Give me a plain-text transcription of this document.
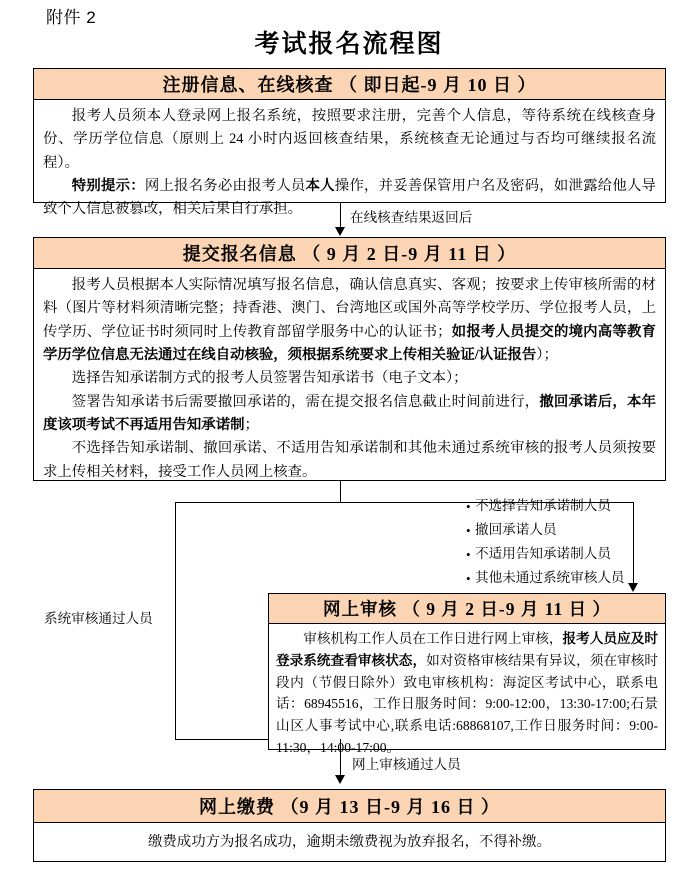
附件 2
考试报名流程图
注册信息、在线核查 （ 即日起-9 月 10 日 ）

报考人员须本人登录网上报名系统，按照要求注册，完善个人信息，等待系统在线核查身份、学历学位信息（原则上 24 小时内返回核查结果，系统核查无论通过与否均可继续报名流程）。

特别提示：网上报名务必由报考人员本人操作，并妥善保管用户名及密码，如泄露给他人导致个人信息被篡改，相关后果自行承担。

在线核查结果返回后
提交报名信息 （ 9 月 2 日-9 月 11 日 ）

报考人员根据本人实际情况填写报名信息，确认信息真实、客观；按要求上传审核所需的材料（图片等材料须清晰完整；持香港、澳门、台湾地区或国外高等学校学历、学位报考人员，上传学历、学位证书时须同时上传教育部留学服务中心的认证书；如报考人员提交的境内高等教育学历学位信息无法通过在线自动核验，须根据系统要求上传相关验证/认证报告）；

选择告知承诺制方式的报考人员签署告知承诺书（电子文本）；

签署告知承诺书后需要撤回承诺的，需在提交报名信息截止时间前进行，撤回承诺后，本年度该项考试不再适用告知承诺制；

不选择告知承诺制、撤回承诺、不适用告知承诺制和其他未通过系统审核的报考人员须按要求上传相关材料，接受工作人员网上核查。

• 不选择告知承诺制人员
• 撤回承诺人员
• 不适用告知承诺制人员
• 其他未通过系统审核人员
系统审核通过人员	网上审核 （ 9 月 2 日-9 月 11 日 ）

审核机构工作人员在工作日进行网上审核，报考人员应及时登录系统查看审核状态，如对资格审核结果有异议，须在审核时段内（节假日除外）致电审核机构：海淀区考试中心，联系电话：68945516，工作日服务时间：9:00-12:00，13:30-17:00;石景山区人事考试中心,联系电话:68868107,工作日服务时间：9:00-11:30，14:00-17:00。

网上审核通过人员
网上缴费 （9 月 13 日-9 月 16 日 ）

缴费成功方为报名成功，逾期未缴费视为放弃报名，不得补缴。
